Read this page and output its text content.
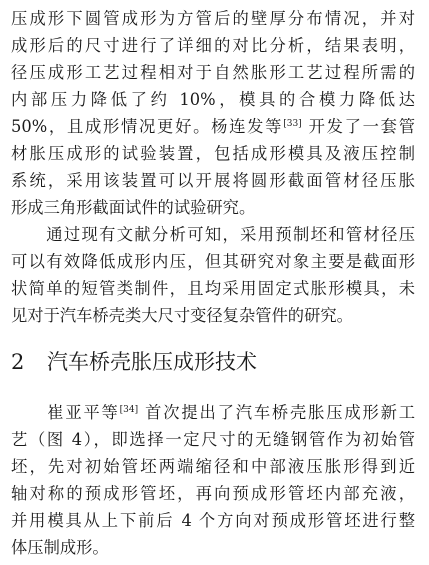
压成形下圆管成形为方管后的壁厚分布情况，并对
成形后的尺寸进行了详细的对比分析，结果表明，
径压成形工艺过程相对于自然胀形工艺过程所需的
内部压力降低了约 10%，模具的合模力降低达
50%，且成形情况更好。杨连发等[33] 开发了一套管
材胀压成形的试验装置，包括成形模具及液压控制
系统，采用该装置可以开展将圆形截面管材径压胀
形成三角形截面试件的试验研究。
　　通过现有文献分析可知，采用预制坯和管材径压
可以有效降低成形内压，但其研究对象主要是截面形
状简单的短管类制件，且均采用固定式胀形模具，未
见对于汽车桥壳类大尺寸变径复杂管件的研究。
2 汽车桥壳胀压成形技术
　　崔亚平等[34] 首次提出了汽车桥壳胀压成形新工
艺（图 4），即选择一定尺寸的无缝钢管作为初始管
坯，先对初始管坯两端缩径和中部液压胀形得到近
轴对称的预成形管坯，再向预成形管坯内部充液，
并用模具从上下前后 4 个方向对预成形管坯进行整
体压制成形。
